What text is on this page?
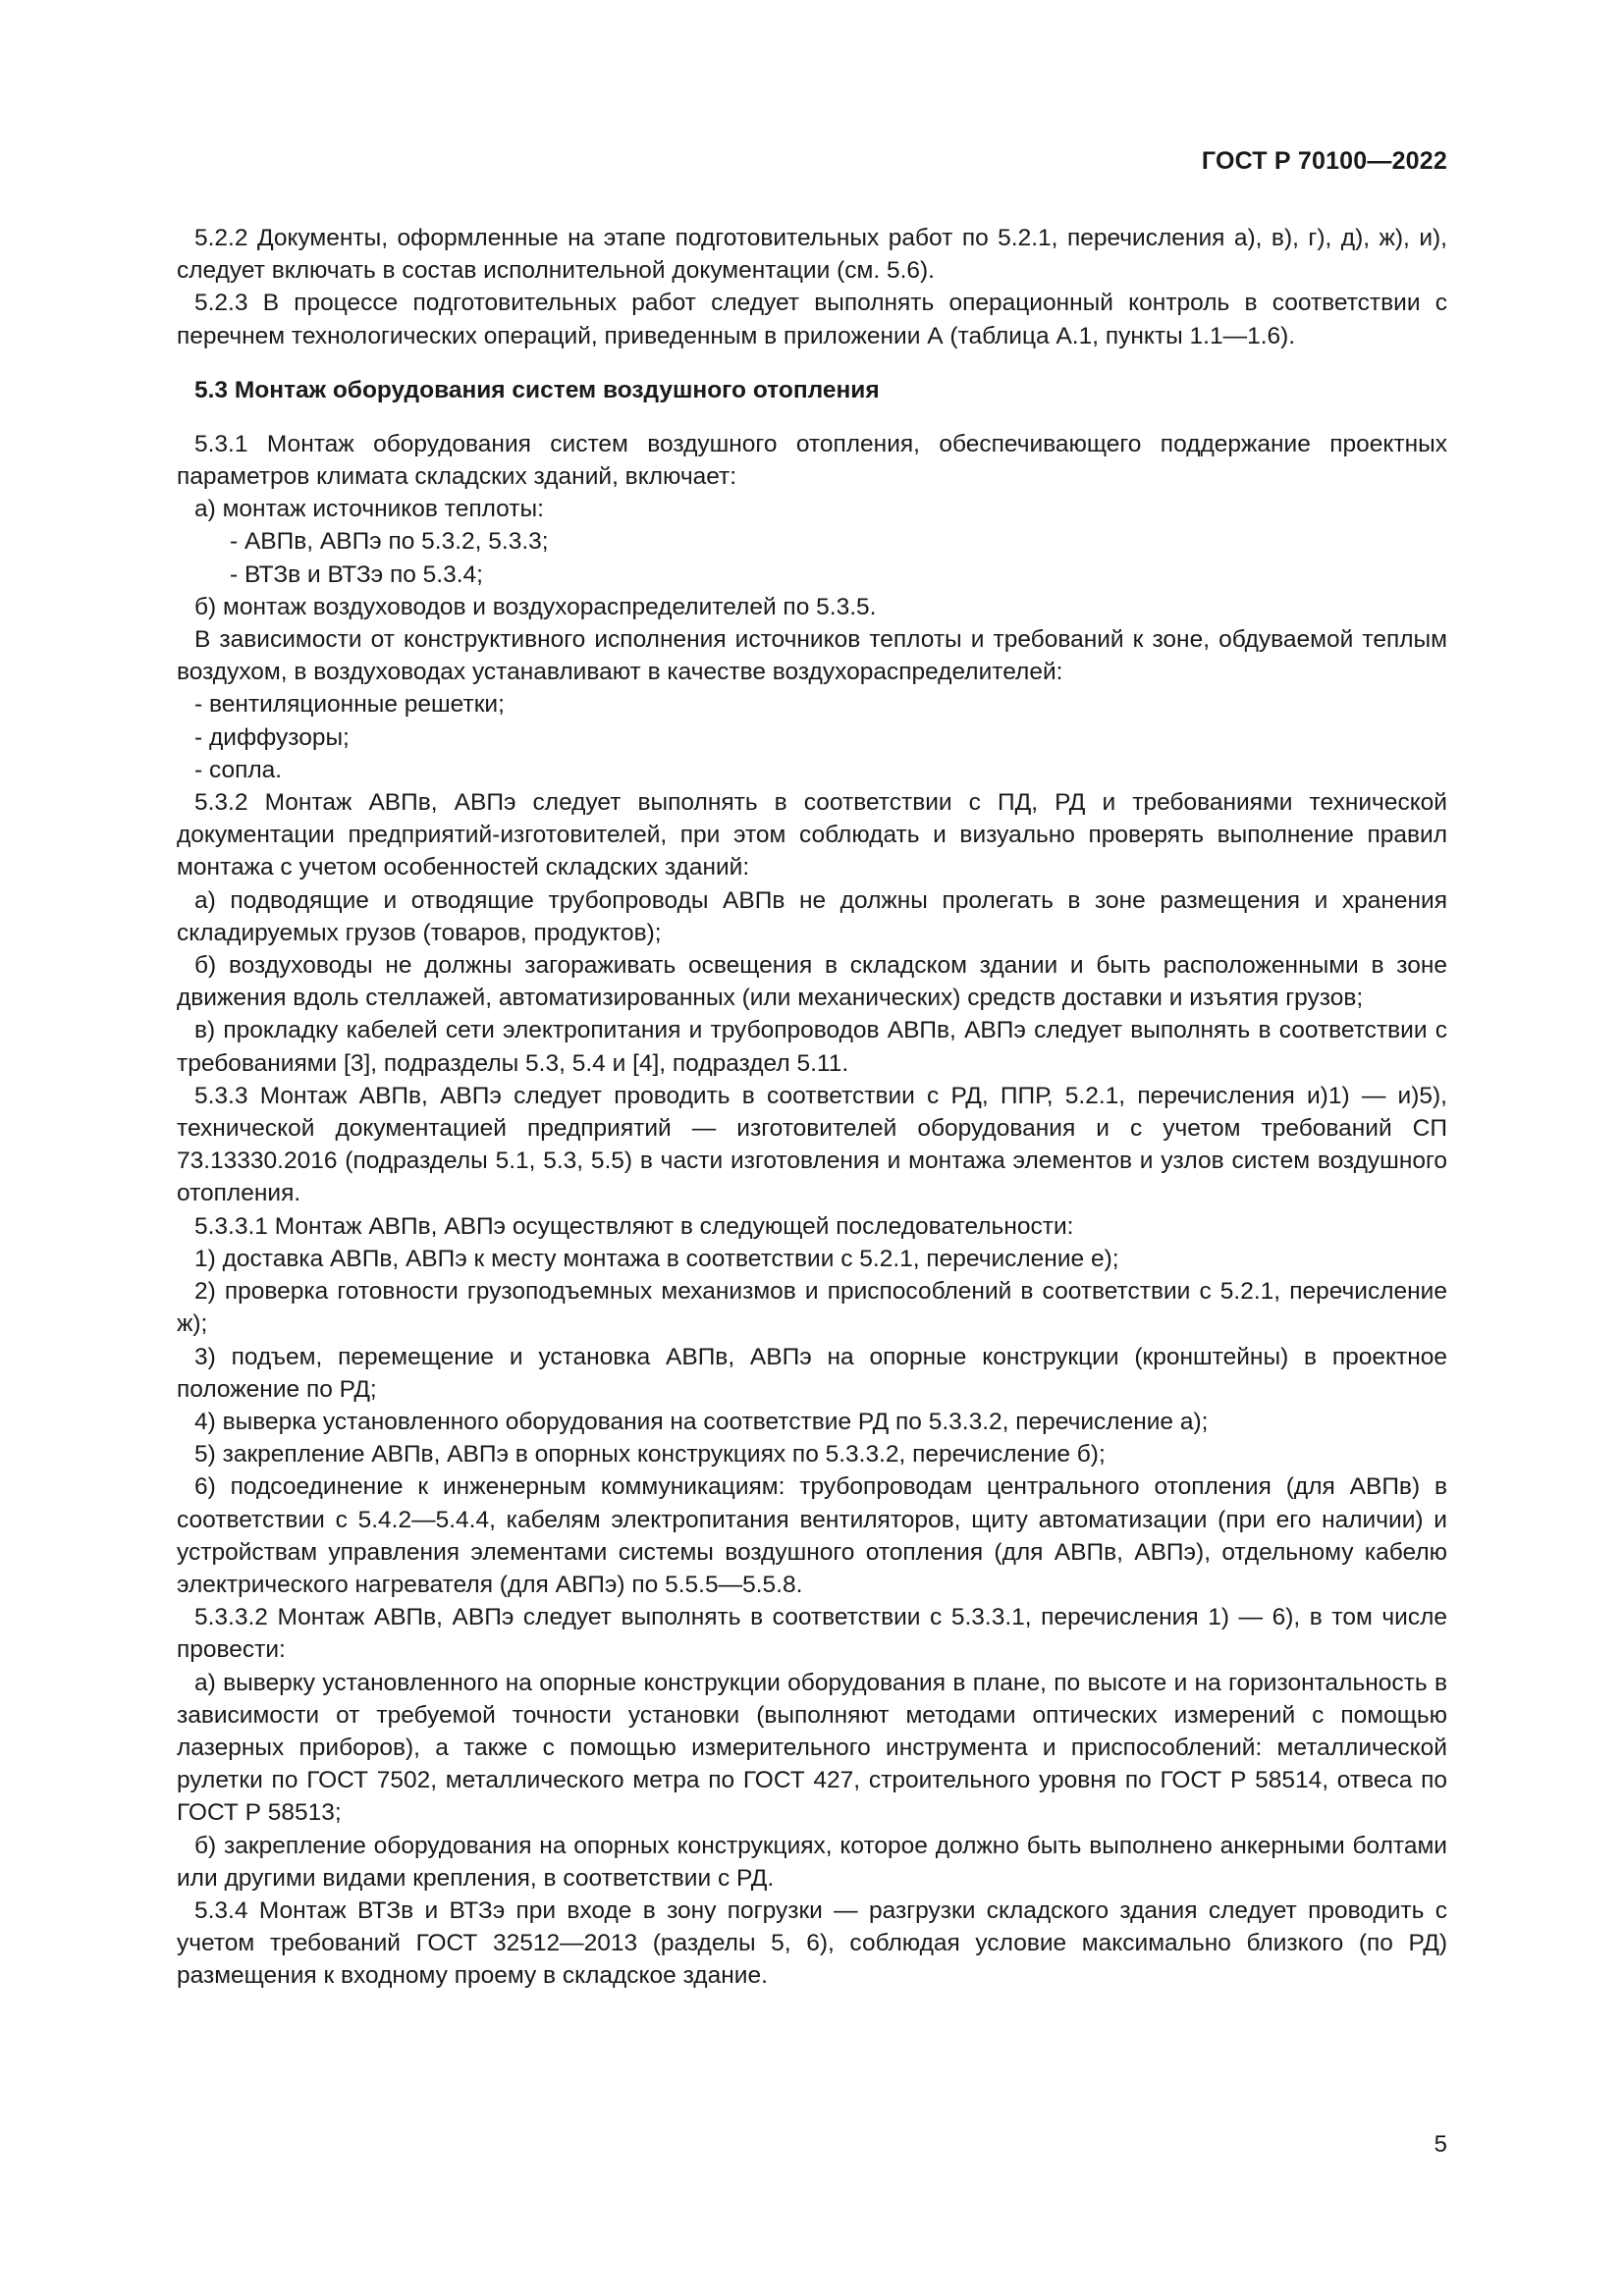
ГОСТ Р 70100—2022

5.2.2 Документы, оформленные на этапе подготовительных работ по 5.2.1, перечисления а), в), г), д), ж), и), следует включать в состав исполнительной документации (см. 5.6).

5.2.3 В процессе подготовительных работ следует выполнять операционный контроль в соответствии с перечнем технологических операций, приведенным в приложении А (таблица А.1, пункты 1.1—1.6).

5.3 Монтаж оборудования систем воздушного отопления

5.3.1 Монтаж оборудования систем воздушного отопления, обеспечивающего поддержание проектных параметров климата складских зданий, включает:

а) монтаж источников теплоты:

- АВПв, АВПэ по 5.3.2, 5.3.3;

- ВТЗв и ВТЗэ по 5.3.4;

б) монтаж воздуховодов и воздухораспределителей по 5.3.5.

В зависимости от конструктивного исполнения источников теплоты и требований к зоне, обдуваемой теплым воздухом, в воздуховодах устанавливают в качестве воздухораспределителей:

- вентиляционные решетки;

- диффузоры;

- сопла.

5.3.2 Монтаж АВПв, АВПэ следует выполнять в соответствии с ПД, РД и требованиями технической документации предприятий-изготовителей, при этом соблюдать и визуально проверять выполнение правил монтажа с учетом особенностей складских зданий:

а) подводящие и отводящие трубопроводы АВПв не должны пролегать в зоне размещения и хранения складируемых грузов (товаров, продуктов);

б) воздуховоды не должны загораживать освещения в складском здании и быть расположенными в зоне движения вдоль стеллажей, автоматизированных (или механических) средств доставки и изъятия грузов;

в) прокладку кабелей сети электропитания и трубопроводов АВПв, АВПэ следует выполнять в соответствии с требованиями [3], подразделы 5.3, 5.4 и [4], подраздел 5.11.

5.3.3 Монтаж АВПв, АВПэ следует проводить в соответствии с РД, ППР, 5.2.1, перечисления и)1) — и)5), технической документацией предприятий — изготовителей оборудования и с учетом требований СП 73.13330.2016 (подразделы 5.1, 5.3, 5.5) в части изготовления и монтажа элементов и узлов систем воздушного отопления.

5.3.3.1 Монтаж АВПв, АВПэ осуществляют в следующей последовательности:

1) доставка АВПв, АВПэ к месту монтажа в соответствии с 5.2.1, перечисление е);

2) проверка готовности грузоподъемных механизмов и приспособлений в соответствии с 5.2.1, перечисление ж);

3) подъем, перемещение и установка АВПв, АВПэ на опорные конструкции (кронштейны) в проектное положение по РД;

4) выверка установленного оборудования на соответствие РД по 5.3.3.2, перечисление а);

5) закрепление АВПв, АВПэ в опорных конструкциях по 5.3.3.2, перечисление б);

6) подсоединение к инженерным коммуникациям: трубопроводам центрального отопления (для АВПв) в соответствии с 5.4.2—5.4.4, кабелям электропитания вентиляторов, щиту автоматизации (при его наличии) и устройствам управления элементами системы воздушного отопления (для АВПв, АВПэ), отдельному кабелю электрического нагревателя (для АВПэ) по 5.5.5—5.5.8.

5.3.3.2 Монтаж АВПв, АВПэ следует выполнять в соответствии с 5.3.3.1, перечисления 1) — 6), в том числе провести:

а) выверку установленного на опорные конструкции оборудования в плане, по высоте и на горизонтальность в зависимости от требуемой точности установки (выполняют методами оптических измерений с помощью лазерных приборов), а также с помощью измерительного инструмента и приспособлений: металлической рулетки по ГОСТ 7502, металлического метра по ГОСТ 427, строительного уровня по ГОСТ Р 58514, отвеса по ГОСТ Р 58513;

б) закрепление оборудования на опорных конструкциях, которое должно быть выполнено анкерными болтами или другими видами крепления, в соответствии с РД.

5.3.4 Монтаж ВТЗв и ВТЗэ при входе в зону погрузки — разгрузки складского здания следует проводить с учетом требований ГОСТ 32512—2013 (разделы 5, 6), соблюдая условие максимально близкого (по РД) размещения к входному проему в складское здание.

5
